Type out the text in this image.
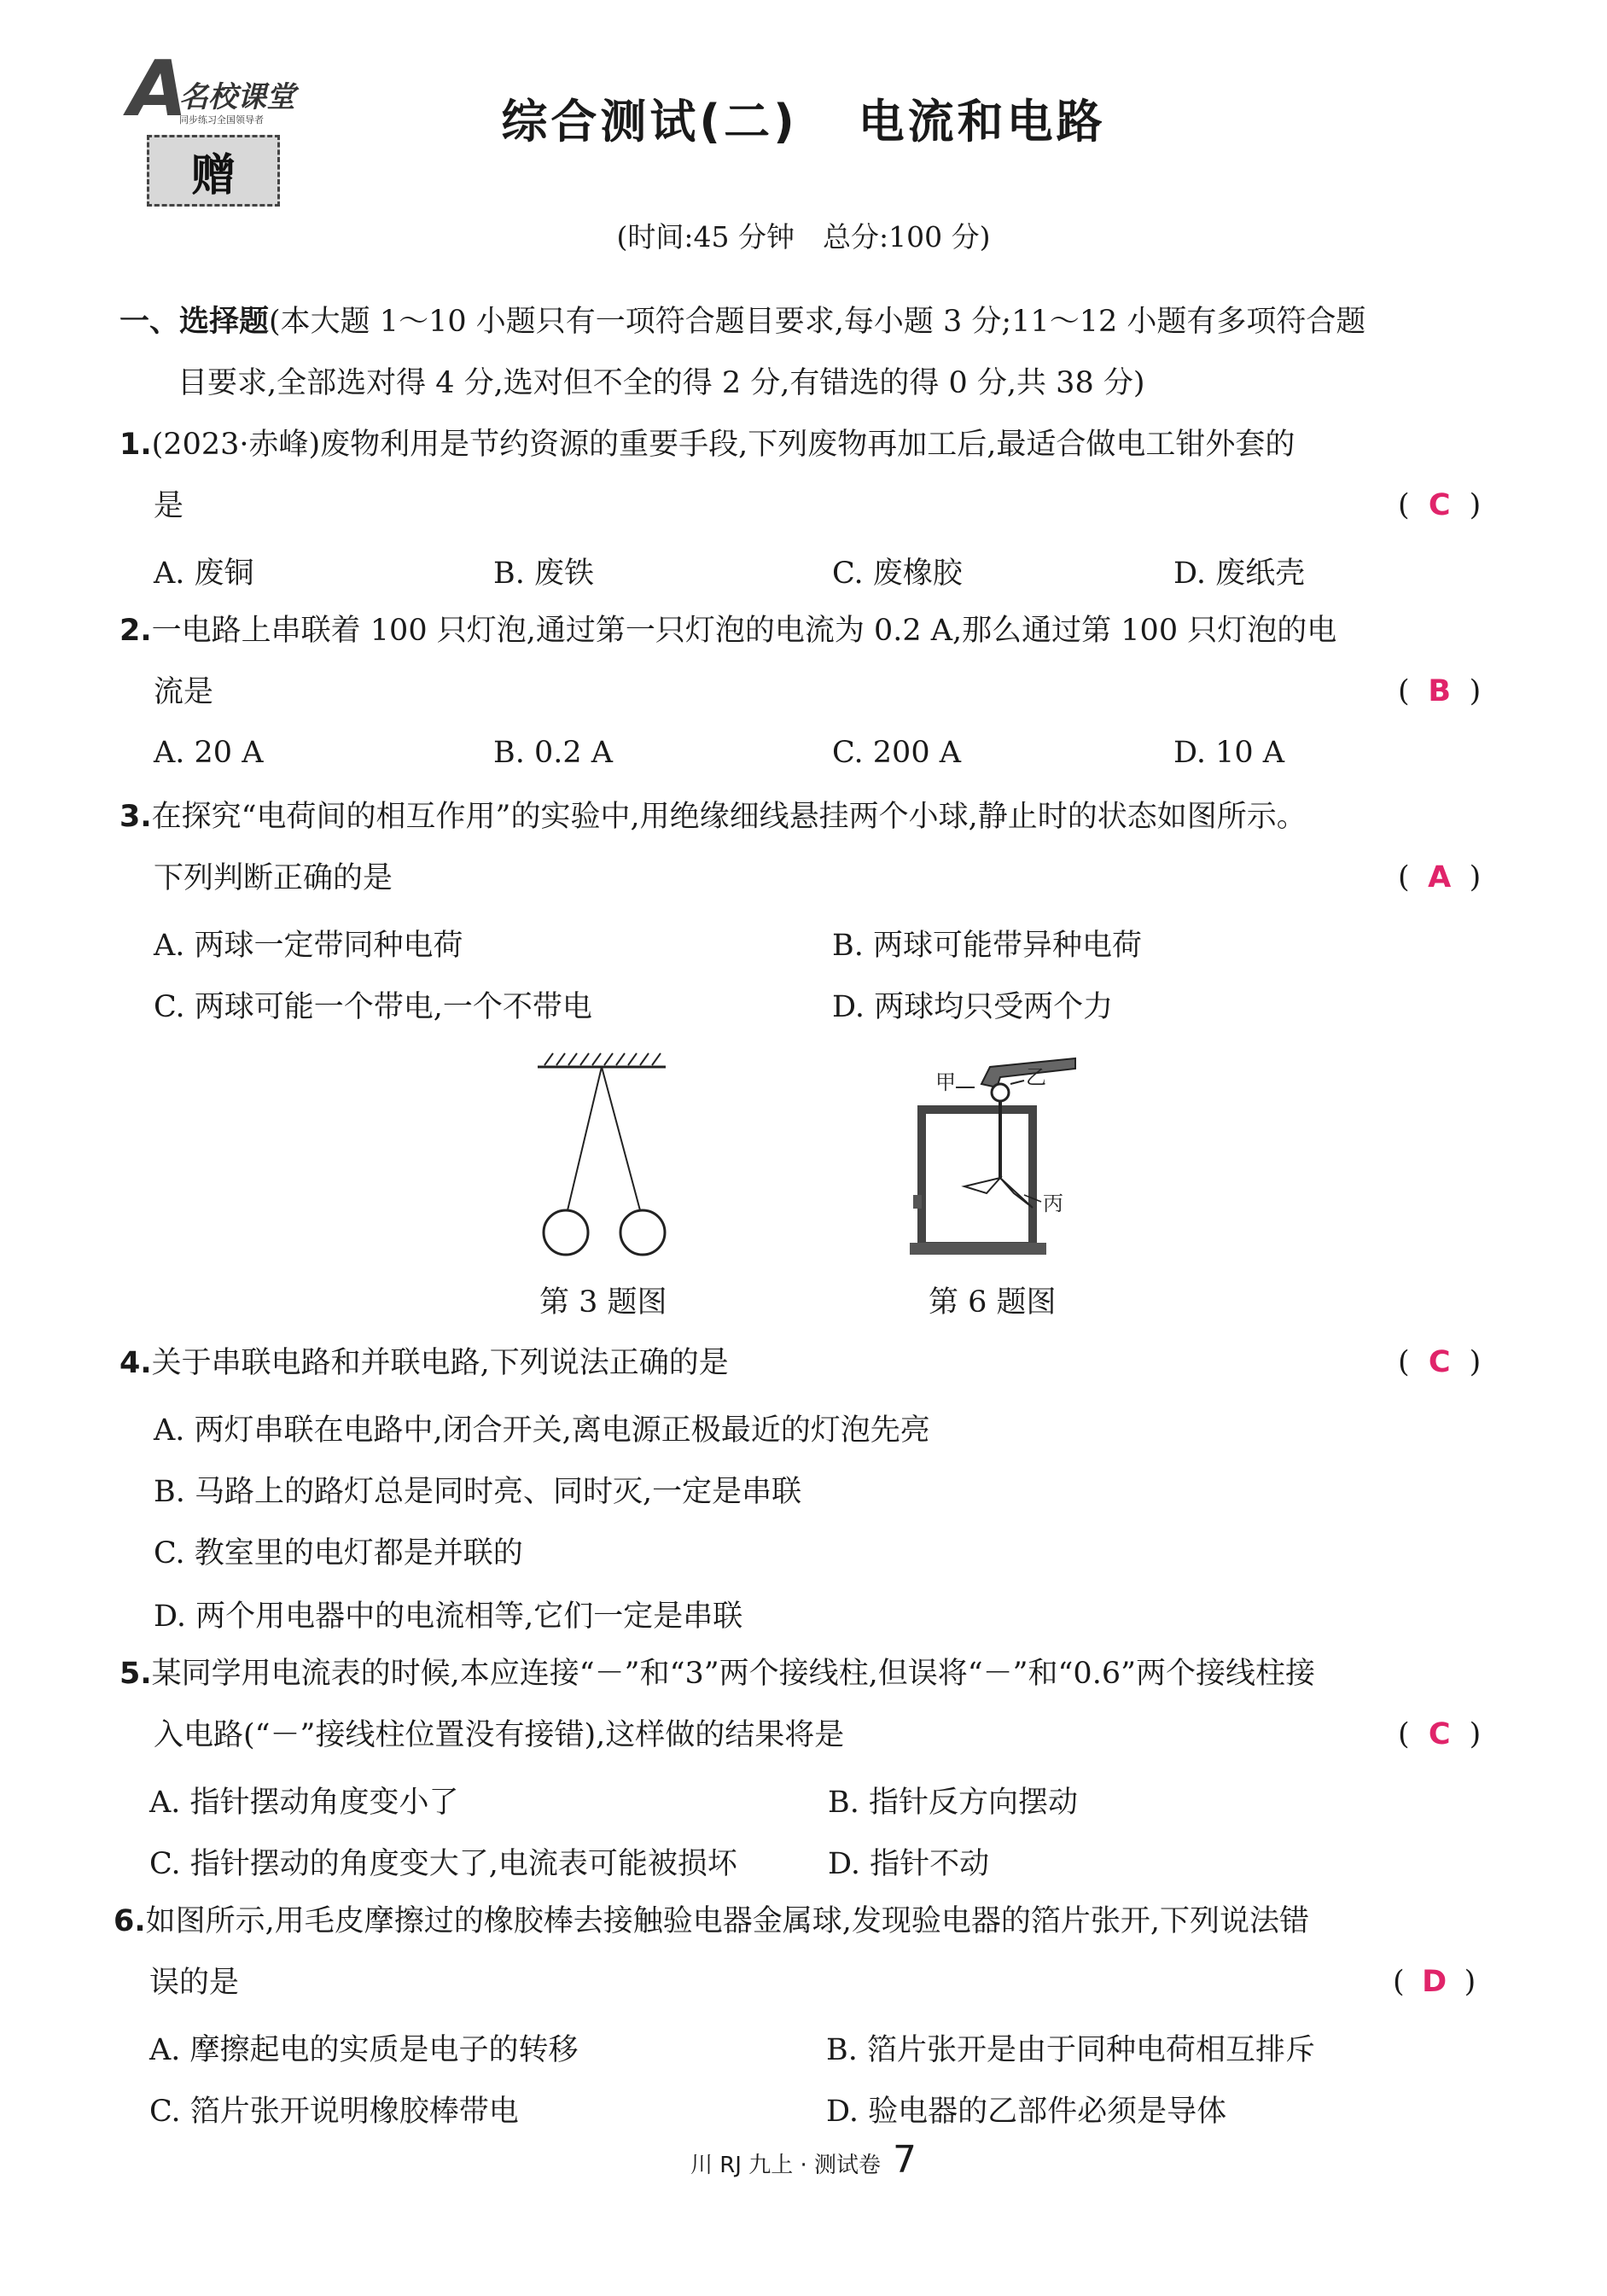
A
名校课堂
同步练习全国领导者
赠
综合测试(二) 电流和电路
(时间:45 分钟　总分:100 分)
一、选择题(本大题 1～10 小题只有一项符合题目要求,每小题 3 分;11～12 小题有多项符合题
目要求,全部选对得 4 分,选对但不全的得 2 分,有错选的得 0 分,共 38 分)
1.(2023·赤峰)废物利用是节约资源的重要手段,下列废物再加工后,最适合做电工钳外套的
是	( C )
A. 废铜	B. 废铁	C. 废橡胶	D. 废纸壳
2.一电路上串联着 100 只灯泡,通过第一只灯泡的电流为 0.2 A,那么通过第 100 只灯泡的电
流是	( B )
A. 20 A	B. 0.2 A	C. 200 A	D. 10 A
3.在探究“电荷间的相互作用”的实验中,用绝缘细线悬挂两个小球,静止时的状态如图所示。
下列判断正确的是	( A )
A. 两球一定带同种电荷	B. 两球可能带异种电荷
C. 两球可能一个带电,一个不带电	D. 两球均只受两个力
第 3 题图
甲	乙
丙
第 6 题图
4.关于串联电路和并联电路,下列说法正确的是	( C )
A. 两灯串联在电路中,闭合开关,离电源正极最近的灯泡先亮
B. 马路上的路灯总是同时亮、同时灭,一定是串联
C. 教室里的电灯都是并联的
D. 两个用电器中的电流相等,它们一定是串联
5.某同学用电流表的时候,本应连接“－”和“3”两个接线柱,但误将“－”和“0.6”两个接线柱接
入电路(“－”接线柱位置没有接错),这样做的结果将是	( C )
A. 指针摆动角度变小了	B. 指针反方向摆动
C. 指针摆动的角度变大了,电流表可能被损坏	D. 指针不动
6.如图所示,用毛皮摩擦过的橡胶棒去接触验电器金属球,发现验电器的箔片张开,下列说法错
误的是	( D )
A. 摩擦起电的实质是电子的转移	B. 箔片张开是由于同种电荷相互排斥
C. 箔片张开说明橡胶棒带电	D. 验电器的乙部件必须是导体
川 RJ 九上 · 测试卷 7
